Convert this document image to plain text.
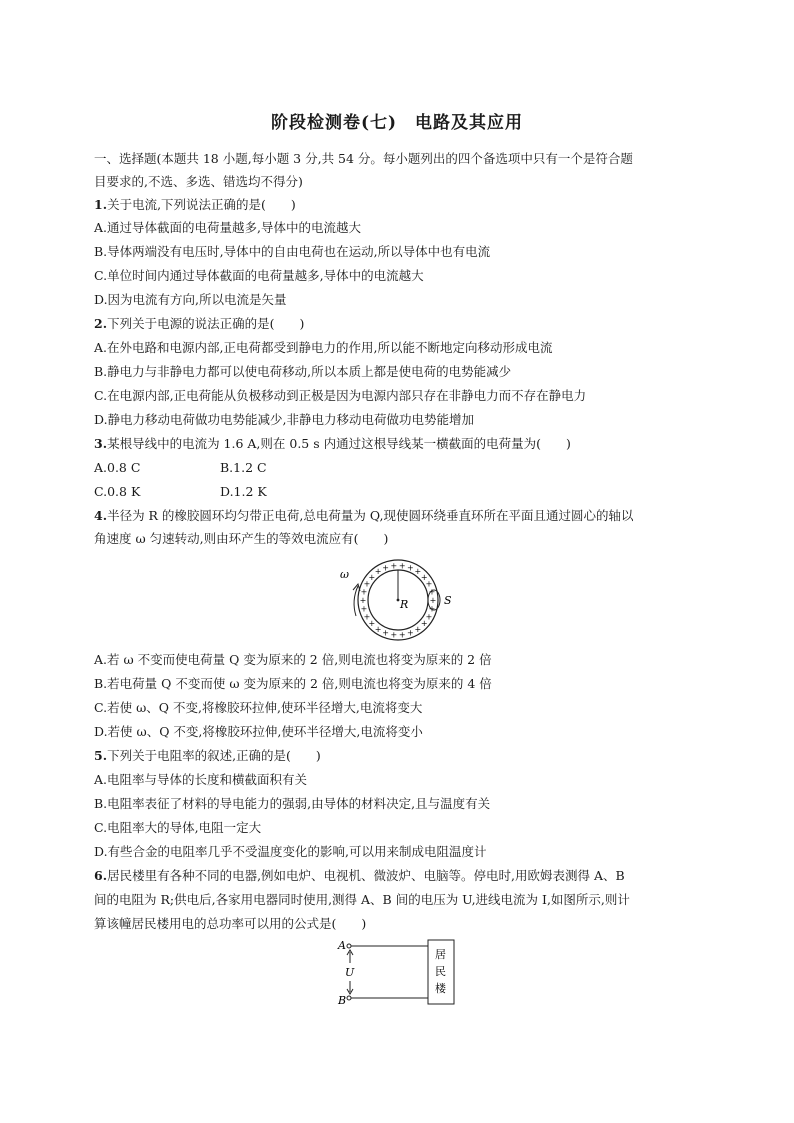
阶段检测卷(七)　电路及其应用
一、选择题(本题共 18 小题,每小题 3 分,共 54 分。每小题列出的四个备选项中只有一个是符合题
目要求的,不选、多选、错选均不得分)
1.关于电流,下列说法正确的是(　　)
A.通过导体截面的电荷量越多,导体中的电流越大
B.导体两端没有电压时,导体中的自由电荷也在运动,所以导体中也有电流
C.单位时间内通过导体截面的电荷量越多,导体中的电流越大
D.因为电流有方向,所以电流是矢量
2.下列关于电源的说法正确的是(　　)
A.在外电路和电源内部,正电荷都受到静电力的作用,所以能不断地定向移动形成电流
B.静电力与非静电力都可以使电荷移动,所以本质上都是使电荷的电势能减少
C.在电源内部,正电荷能从负极移动到正极是因为电源内部只存在非静电力而不存在静电力
D.静电力移动电荷做功电势能减少,非静电力移动电荷做功电势能增加
3.某根导线中的电流为 1.6 A,则在 0.5 s 内通过这根导线某一横截面的电荷量为(　　)
A.0.8 C	B.1.2 C
C.0.8 K	D.1.2 K
4.半径为 R 的橡胶圆环均匀带正电荷,总电荷量为 Q,现使圆环绕垂直环所在平面且通过圆心的轴以
角速度 ω 匀速转动,则由环产生的等效电流应有(　　)
+
+
+
+
+
+
+
+
+
+
+
+
+
+
+
+
+
+ + + + + +
+
+
+
R
ω
S
A.若 ω 不变而使电荷量 Q 变为原来的 2 倍,则电流也将变为原来的 2 倍
B.若电荷量 Q 不变而使 ω 变为原来的 2 倍,则电流也将变为原来的 4 倍
C.若使 ω、Q 不变,将橡胶环拉伸,使环半径增大,电流将变大
D.若使 ω、Q 不变,将橡胶环拉伸,使环半径增大,电流将变小
5.下列关于电阻率的叙述,正确的是(　　)
A.电阻率与导体的长度和横截面积有关
B.电阻率表征了材料的导电能力的强弱,由导体的材料决定,且与温度有关
C.电阻率大的导体,电阻一定大
D.有些合金的电阻率几乎不受温度变化的影响,可以用来制成电阻温度计
6.居民楼里有各种不同的电器,例如电炉、电视机、微波炉、电脑等。停电时,用欧姆表测得 A、B
间的电阻为 R;供电后,各家用电器同时使用,测得 A、B 间的电压为 U,进线电流为 I,如图所示,则计
算该幢居民楼用电的总功率可以用的公式是(　　)
A
B
U
居
民
楼
